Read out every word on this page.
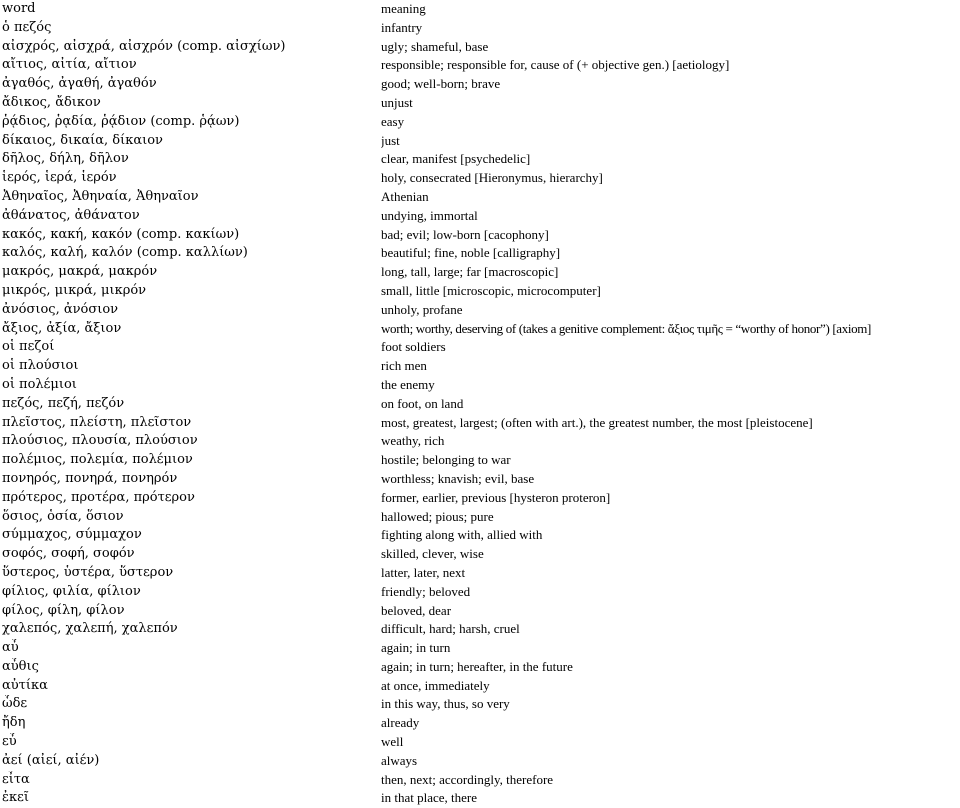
word	meaning
ὁ πεζός	infantry
αἰσχρός, αἰσχρά, αἰσχρόν (comp. αἰσχίων)	ugly; shameful, base
αἴτιος, αἰτία, αἴτιον	responsible; responsible for, cause of (+ objective gen.) [aetiology]
ἀγαθός, ἀγαθή, ἀγαθόν	good; well-born; brave
ἄδικος, ἄδικον	unjust
ῥᾴδιος, ῥᾳδία, ῥᾴδιον (comp. ῥᾴων)	easy
δίκαιος, δικαία, δίκαιον	just
δῆλος, δήλη, δῆλον	clear, manifest [psychedelic]
ἱερός, ἱερά, ἱερόν	holy, consecrated [Hieronymus, hierarchy]
Ἀθηναῖος, Ἀθηναία, Ἀθηναῖον	Athenian
ἀθάνατος, ἀθάνατον	undying, immortal
κακός, κακή, κακόν (comp. κακίων)	bad; evil; low-born [cacophony]
καλός, καλή, καλόν (comp. καλλίων)	beautiful; fine, noble [calligraphy]
μακρός, μακρά, μακρόν	long, tall, large; far [macroscopic]
μικρός, μικρά, μικρόν	small, little [microscopic, microcomputer]
ἀνόσιος, ἀνόσιον	unholy, profane
ἄξιος, ἀξία, ἄξιον	worth; worthy, deserving of (takes a genitive complement: ἄξιος τιμῆς = “worthy of honor”) [axiom]
οἱ πεζοί	foot soldiers
οἱ πλούσιοι	rich men
οἱ πολέμιοι	the enemy
πεζός, πεζή, πεζόν	on foot, on land
πλεῖστος, πλείστη, πλεῖστον	most, greatest, largest; (often with art.), the greatest number, the most [pleistocene]
πλούσιος, πλουσία, πλούσιον	weathy, rich
πολέμιος, πολεμία, πολέμιον	hostile; belonging to war
πονηρός, πονηρά, πονηρόν	worthless; knavish; evil, base
πρότερος, προτέρα, πρότερον	former, earlier, previous [hysteron proteron]
ὅσιος, ὁσία, ὅσιον	hallowed; pious; pure
σύμμαχος, σύμμαχον	fighting along with, allied with
σοφός, σοφή, σοφόν	skilled, clever, wise
ὕστερος, ὑστέρα, ὕστερον	latter, later, next
φίλιος, φιλία, φίλιον	friendly; beloved
φίλος, φίλη, φίλον	beloved, dear
χαλεπός, χαλεπή, χαλεπόν	difficult, hard; harsh, cruel
αὖ	again; in turn
αὖθις	again; in turn; hereafter, in the future
αὐτίκα	at once, immediately
ὧδε	in this way, thus, so very
ἤδη	already
εὖ	well
ἀεί (αἰεί, αἰέν)	always
εἶτα	then, next; accordingly, therefore
ἐκεῖ	in that place, there
